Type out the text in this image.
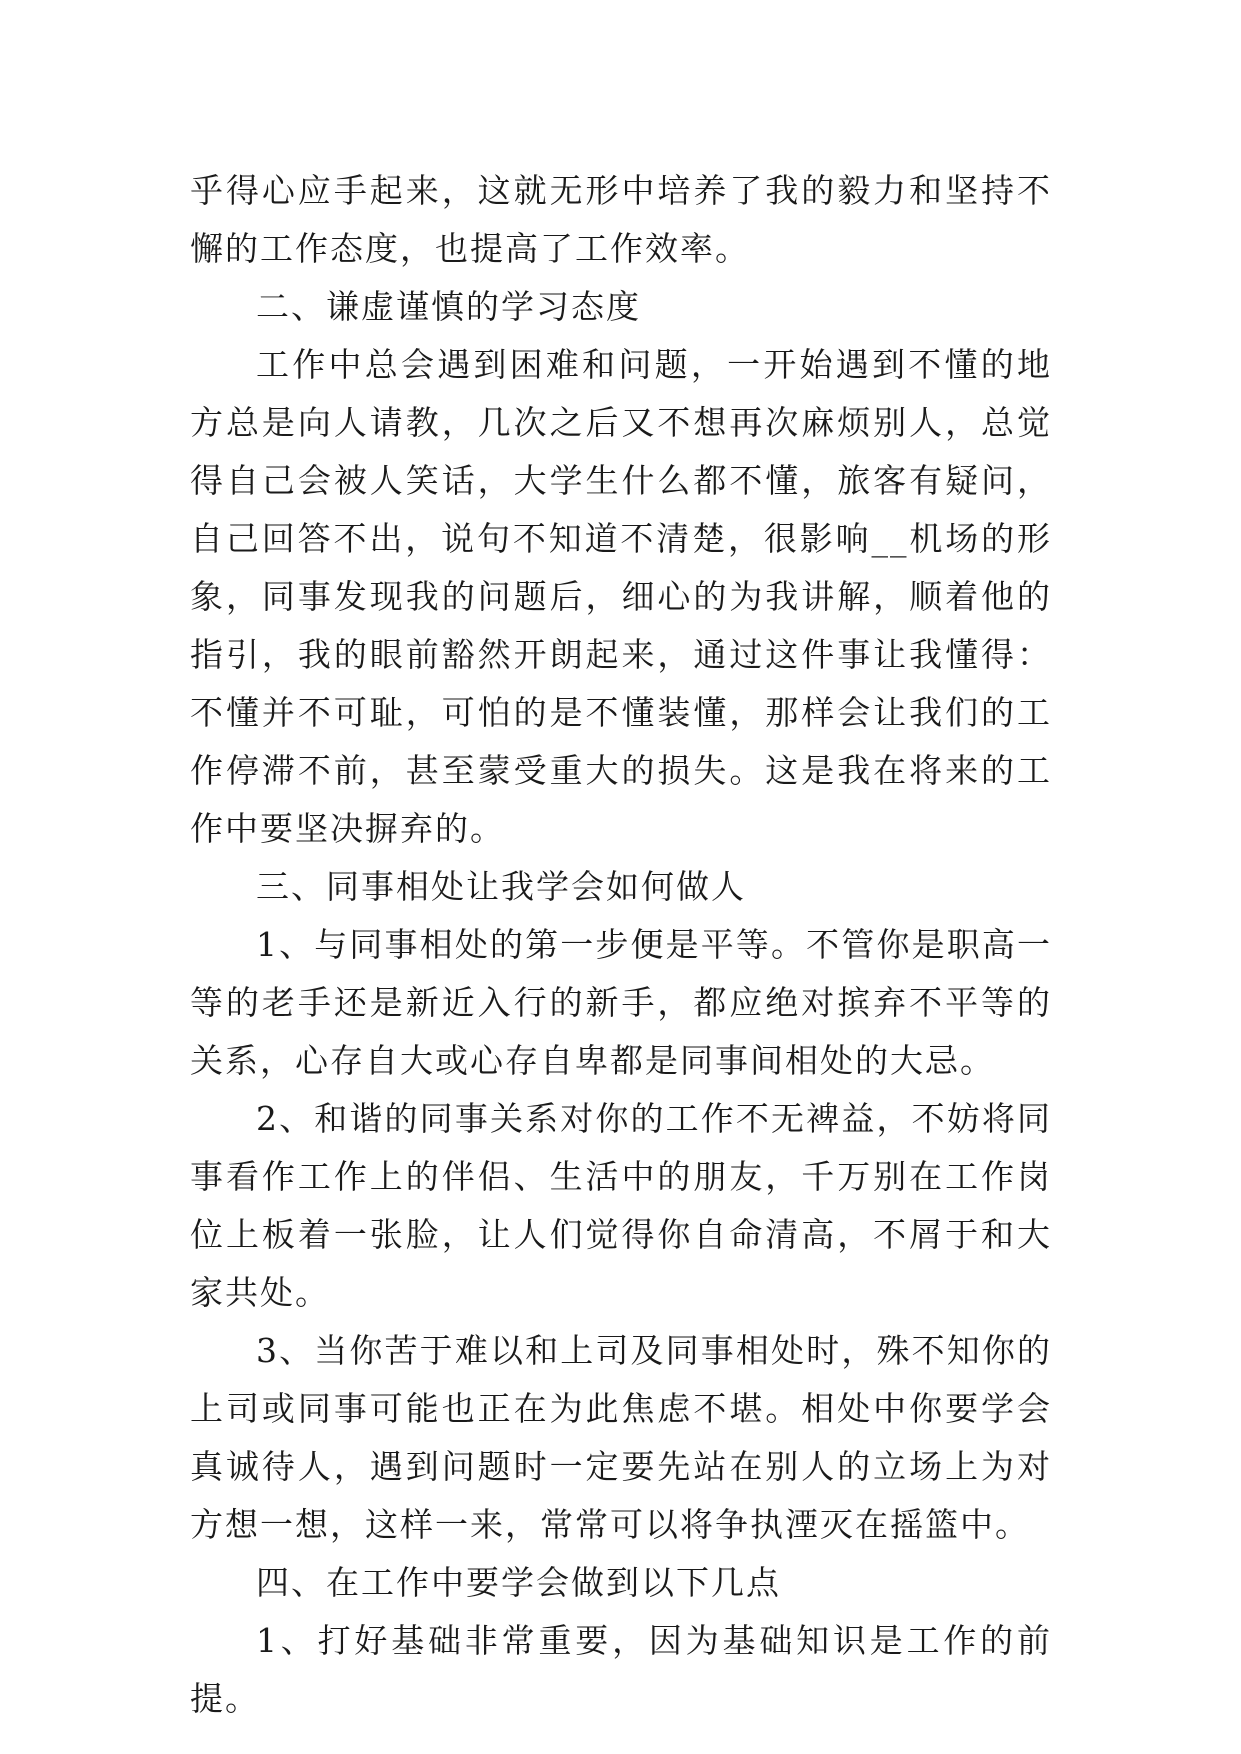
乎得心应手起来，这就无形中培养了我的毅力和坚持不懈的工作态度，也提高了工作效率。

二、谦虚谨慎的学习态度

工作中总会遇到困难和问题，一开始遇到不懂的地方总是向人请教，几次之后又不想再次麻烦别人，总觉得自己会被人笑话，大学生什么都不懂，旅客有疑问，自己回答不出，说句不知道不清楚，很影响__机场的形象，同事发现我的问题后，细心的为我讲解，顺着他的指引，我的眼前豁然开朗起来，通过这件事让我懂得：不懂并不可耻，可怕的是不懂装懂，那样会让我们的工作停滞不前，甚至蒙受重大的损失。这是我在将来的工作中要坚决摒弃的。

三、同事相处让我学会如何做人

1、与同事相处的第一步便是平等。不管你是职高一等的老手还是新近入行的新手，都应绝对摈弃不平等的关系，心存自大或心存自卑都是同事间相处的大忌。

2、和谐的同事关系对你的工作不无裨益，不妨将同事看作工作上的伴侣、生活中的朋友，千万别在工作岗位上板着一张脸，让人们觉得你自命清高，不屑于和大家共处。

3、当你苦于难以和上司及同事相处时，殊不知你的上司或同事可能也正在为此焦虑不堪。相处中你要学会真诚待人，遇到问题时一定要先站在别人的立场上为对方想一想，这样一来，常常可以将争执湮灭在摇篮中。

四、在工作中要学会做到以下几点

1、打好基础非常重要，因为基础知识是工作的前提。
